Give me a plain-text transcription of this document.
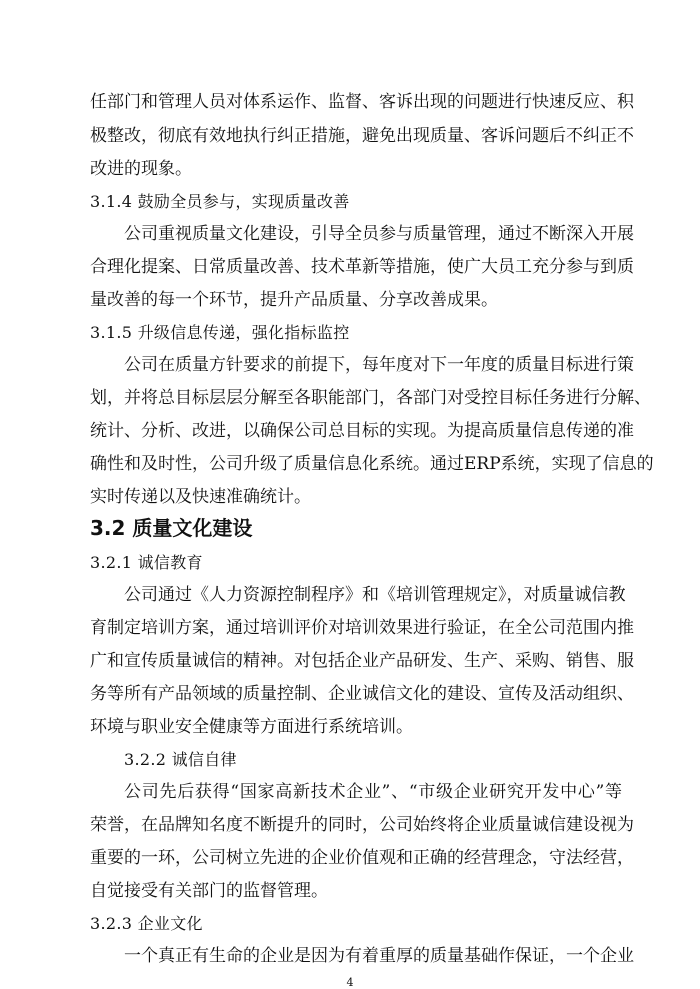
任部门和管理人员对体系运作、监督、客诉出现的问题进行快速反应、积
极整改，彻底有效地执行纠正措施，避免出现质量、客诉问题后不纠正不
改进的现象。
3.1.4 鼓励全员参与，实现质量改善
公司重视质量文化建设，引导全员参与质量管理，通过不断深入开展
合理化提案、日常质量改善、技术革新等措施，使广大员工充分参与到质
量改善的每一个环节，提升产品质量、分享改善成果。
3.1.5 升级信息传递，强化指标监控
公司在质量方针要求的前提下，每年度对下一年度的质量目标进行策
划，并将总目标层层分解至各职能部门，各部门对受控目标任务进行分解、
统计、分析、改进，以确保公司总目标的实现。为提高质量信息传递的准
确性和及时性，公司升级了质量信息化系统。通过ERP系统，实现了信息的
实时传递以及快速准确统计。
3.2 质量文化建设
3.2.1 诚信教育
公司通过《人力资源控制程序》和《培训管理规定》，对质量诚信教
育制定培训方案，通过培训评价对培训效果进行验证，在全公司范围内推
广和宣传质量诚信的精神。对包括企业产品研发、生产、采购、销售、服
务等所有产品领域的质量控制、企业诚信文化的建设、宣传及活动组织、
环境与职业安全健康等方面进行系统培训。
3.2.2 诚信自律
公司先后获得“国家高新技术企业”、“市级企业研究开发中心”等
荣誉，在品牌知名度不断提升的同时，公司始终将企业质量诚信建设视为
重要的一环，公司树立先进的企业价值观和正确的经营理念，守法经营，
自觉接受有关部门的监督管理。
3.2.3 企业文化
一个真正有生命的企业是因为有着重厚的质量基础作保证，一个企业
4
